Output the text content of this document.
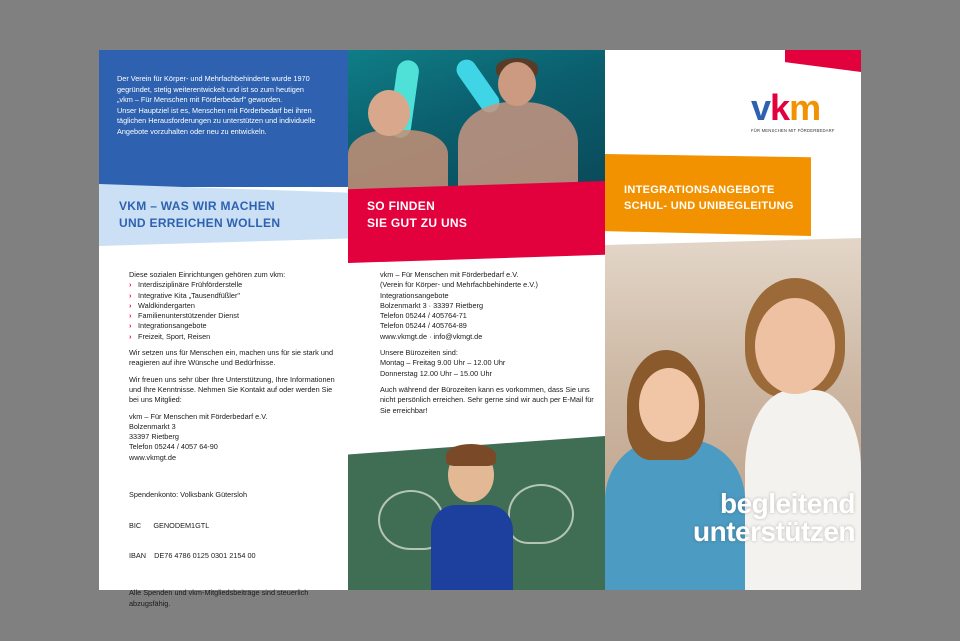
Der Verein für Körper- und Mehrfachbehinderte wurde 1970 gegründet, stetig weiterentwickelt und ist so zum heutigen „vkm – Für Menschen mit Förderbedarf" geworden.

Unser Hauptziel ist es, Menschen mit Förderbedarf bei ihren täglichen Herausforderungen zu unterstützen und individuelle Angebote vorzuhalten oder neu zu entwickeln.

VKM – WAS WIR MACHEN
UND ERREICHEN WOLLEN
Diese sozialen Einrichtungen gehören zum vkm:
› Interdisziplinäre Frühförderstelle
› Integrative Kita „Tausendfüßler"
› Waldkindergarten
› Familienunterstützender Dienst
› Integrationsangebote
› Freizeit, Sport, Reisen

Wir setzen uns für Menschen ein, machen uns für sie stark und reagieren auf ihre Wünsche und Bedürfnisse.

Wir freuen uns sehr über Ihre Unterstützung, Ihre Informationen und Ihre Kenntnisse. Nehmen Sie Kontakt auf oder werden Sie bei uns Mitglied:

vkm – Für Menschen mit Förderbedarf e.V.
Bolzenmarkt 3
33397 Rietberg
Telefon 05244 / 4057 64-90
www.vkmgt.de

Spendenkonto: Volksbank Gütersloh

BIC      GENODEM1GTL

IBAN    DE76 4786 0125 0301 2154 00

Alle Spenden und vkm-Mitgliedsbeiträge sind steuerlich abzugsfähig.

SO FINDEN
SIE GUT ZU UNS
vkm – Für Menschen mit Förderbedarf e.V.
(Verein für Körper- und Mehrfachbehinderte e.V.)
Integrationsangebote
Bolzenmarkt 3 · 33397 Rietberg
Telefon 05244 / 405764-71
Telefon 05244 / 405764-89
www.vkmgt.de · info@vkmgt.de
Unsere Bürozeiten sind:
Montag – Freitag 9.00 Uhr – 12.00 Uhr
Donnerstag 12.00 Uhr – 15.00 Uhr

Auch während der Bürozeiten kann es vorkommen, dass Sie uns nicht persönlich erreichen. Sehr gerne sind wir auch per E-Mail für Sie erreichbar!

vkm
FÜR MENSCHEN MIT FÖRDERBEDARF
INTEGRATIONSANGEBOTE
SCHUL- UND UNIBEGLEITUNG
begleitend
unterstützen
